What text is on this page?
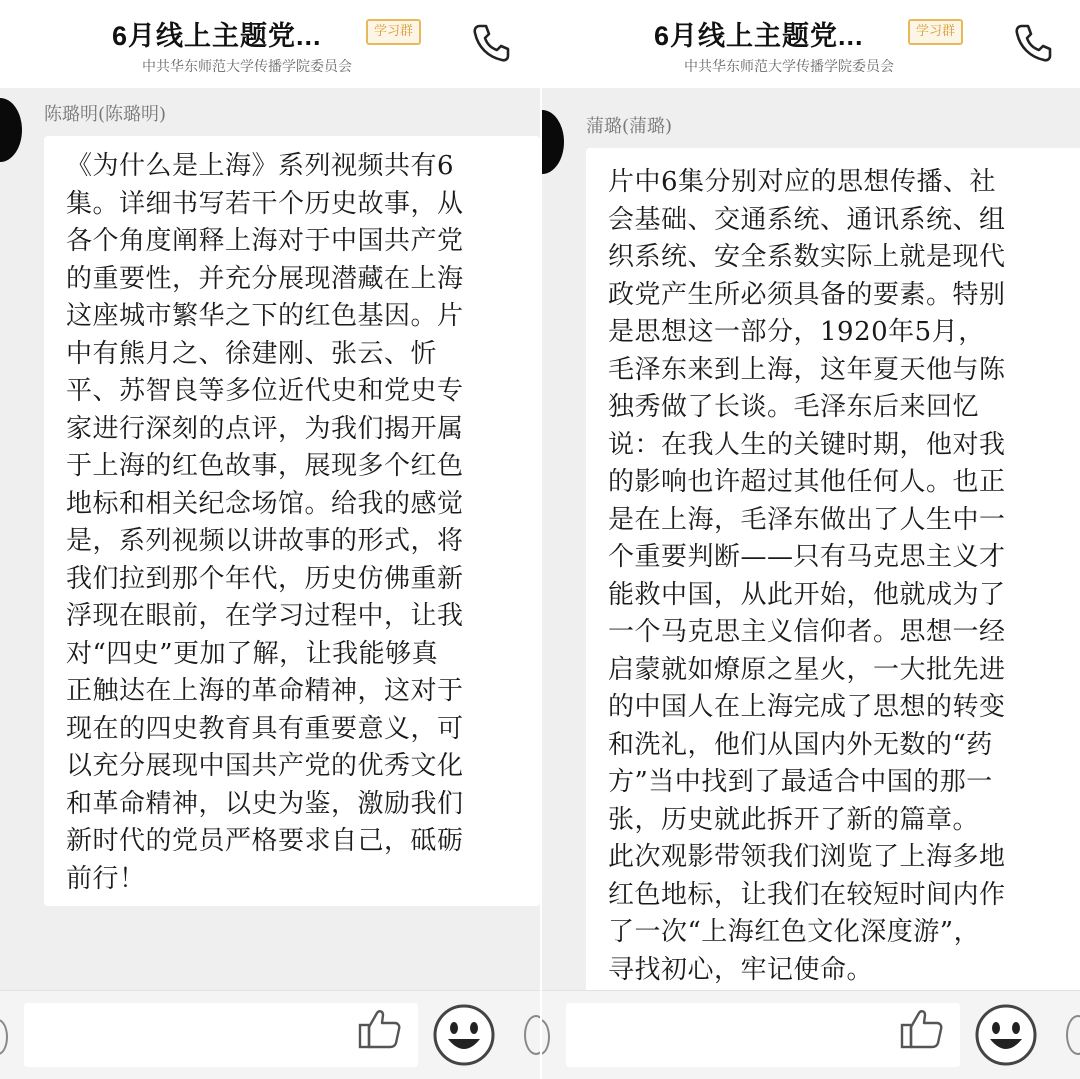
6月线上主题党...	学习群
中共华东师范大学传播学院委员会
陈璐明(陈璐明)
《为什么是上海》系列视频共有6
集。详细书写若干个历史故事，从
各个角度阐释上海对于中国共产党
的重要性，并充分展现潜藏在上海
这座城市繁华之下的红色基因。片
中有熊月之、徐建刚、张云、忻
平、苏智良等多位近代史和党史专
家进行深刻的点评，为我们揭开属
于上海的红色故事，展现多个红色
地标和相关纪念场馆。给我的感觉
是，系列视频以讲故事的形式，将
我们拉到那个年代，历史仿佛重新
浮现在眼前，在学习过程中，让我
对“四史”更加了解，让我能够真
正触达在上海的革命精神，这对于
现在的四史教育具有重要意义，可
以充分展现中国共产党的优秀文化
和革命精神，以史为鉴，激励我们
新时代的党员严格要求自己，砥砺
前行！
6月线上主题党...	学习群
中共华东师范大学传播学院委员会
蒲璐(蒲璐)
片中6集分别对应的思想传播、社
会基础、交通系统、通讯系统、组
织系统、安全系数实际上就是现代
政党产生所必须具备的要素。特别
是思想这一部分，1920年5月，
毛泽东来到上海，这年夏天他与陈
独秀做了长谈。毛泽东后来回忆
说：在我人生的关键时期，他对我
的影响也许超过其他任何人。也正
是在上海，毛泽东做出了人生中一
个重要判断——只有马克思主义才
能救中国，从此开始，他就成为了
一个马克思主义信仰者。思想一经
启蒙就如燎原之星火，一大批先进
的中国人在上海完成了思想的转变
和洗礼，他们从国内外无数的“药
方”当中找到了最适合中国的那一
张，历史就此拆开了新的篇章。
此次观影带领我们浏览了上海多地
红色地标，让我们在较短时间内作
了一次“上海红色文化深度游”，
寻找初心，牢记使命。
